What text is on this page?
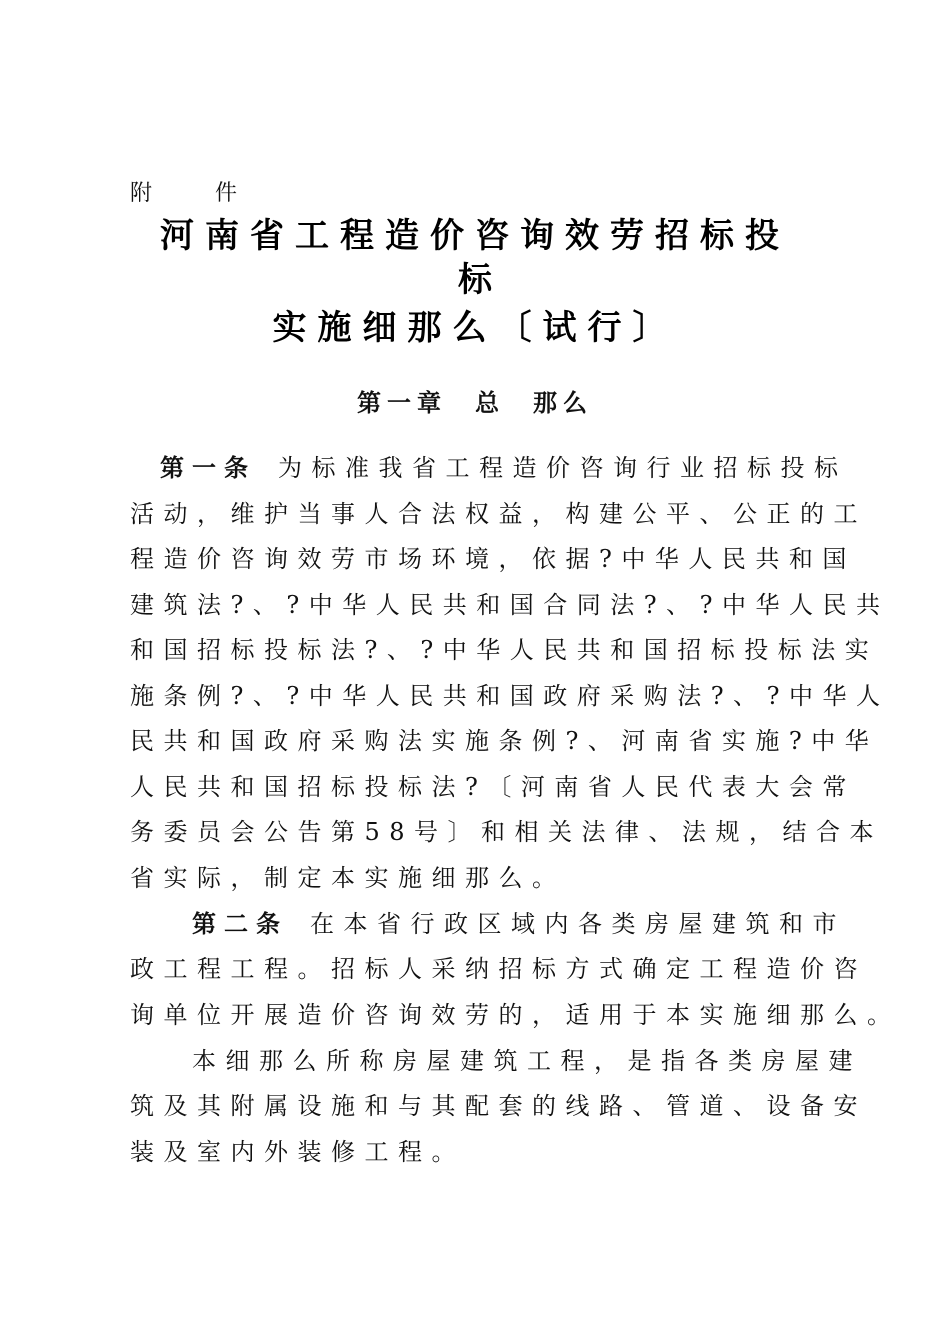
附 件
河南省工程造价咨询效劳招标投
标
实施细那么〔试行〕
第一章 总 那么
第一条 为标准我省工程造价咨询行业招标投标
活动，维护当事人合法权益，构建公平、公正的工
程造价咨询效劳市场环境，依据?中华人民共和国
建筑法?、?中华人民共和国合同法?、?中华人民共
和国招标投标法?、?中华人民共和国招标投标法实
施条例?、?中华人民共和国政府采购法?、?中华人
民共和国政府采购法实施条例?、河南省实施?中华
人民共和国招标投标法?〔河南省人民代表大会常
务委员会公告第58号〕和相关法律、法规，结合本
省实际，制定本实施细那么。
第二条 在本省行政区域内各类房屋建筑和市
政工程工程。招标人采纳招标方式确定工程造价咨
询单位开展造价咨询效劳的，适用于本实施细那么。
本细那么所称房屋建筑工程，是指各类房屋建
筑及其附属设施和与其配套的线路、管道、设备安
装及室内外装修工程。
